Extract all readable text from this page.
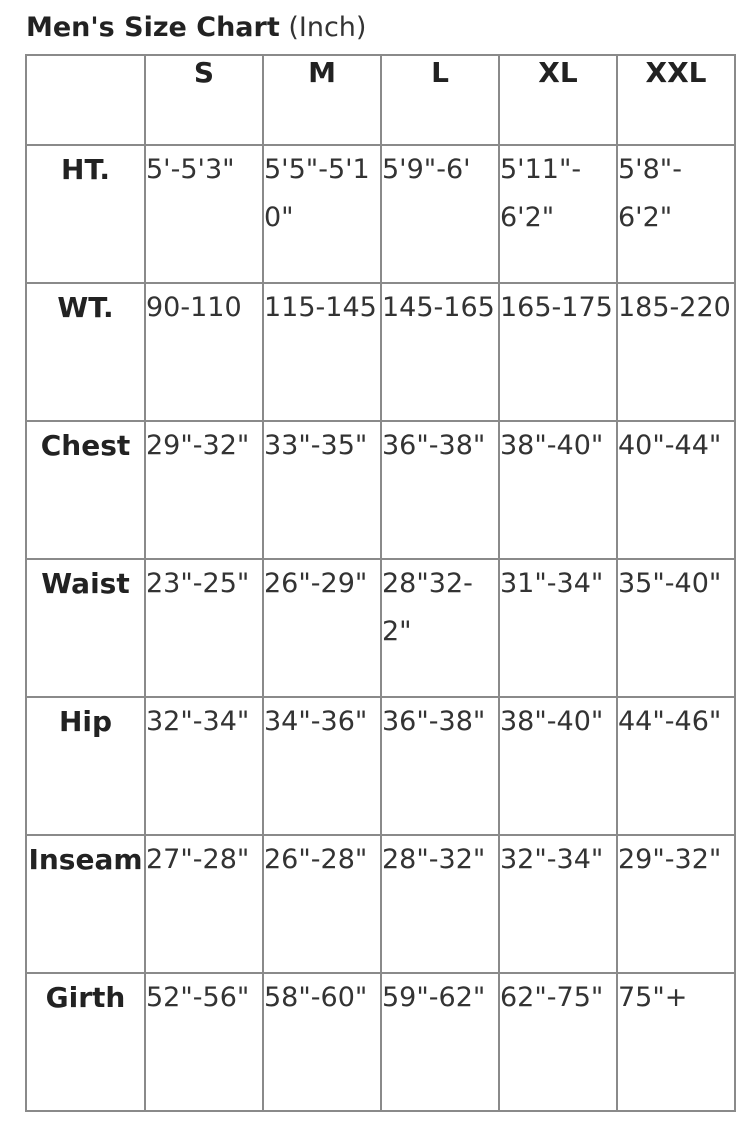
Men's Size Chart (Inch)
	S	M	L	XL	XXL
HT.	5'-5'3"	5'5"-5'10"	5'9"-6'	5'11"-6'2"	5'8"-6'2"
WT.	90-110	115-145	145-165	165-175	185-220
Chest	29"-32"	33"-35"	36"-38"	38"-40"	40"-44"
Waist	23"-25"	26"-29"	28"32-2"	31"-34"	35"-40"
Hip	32"-34"	34"-36"	36"-38"	38"-40"	44"-46"
Inseam	27"-28"	26"-28"	28"-32"	32"-34"	29"-32"
Girth	52"-56"	58"-60"	59"-62"	62"-75"	75"+
